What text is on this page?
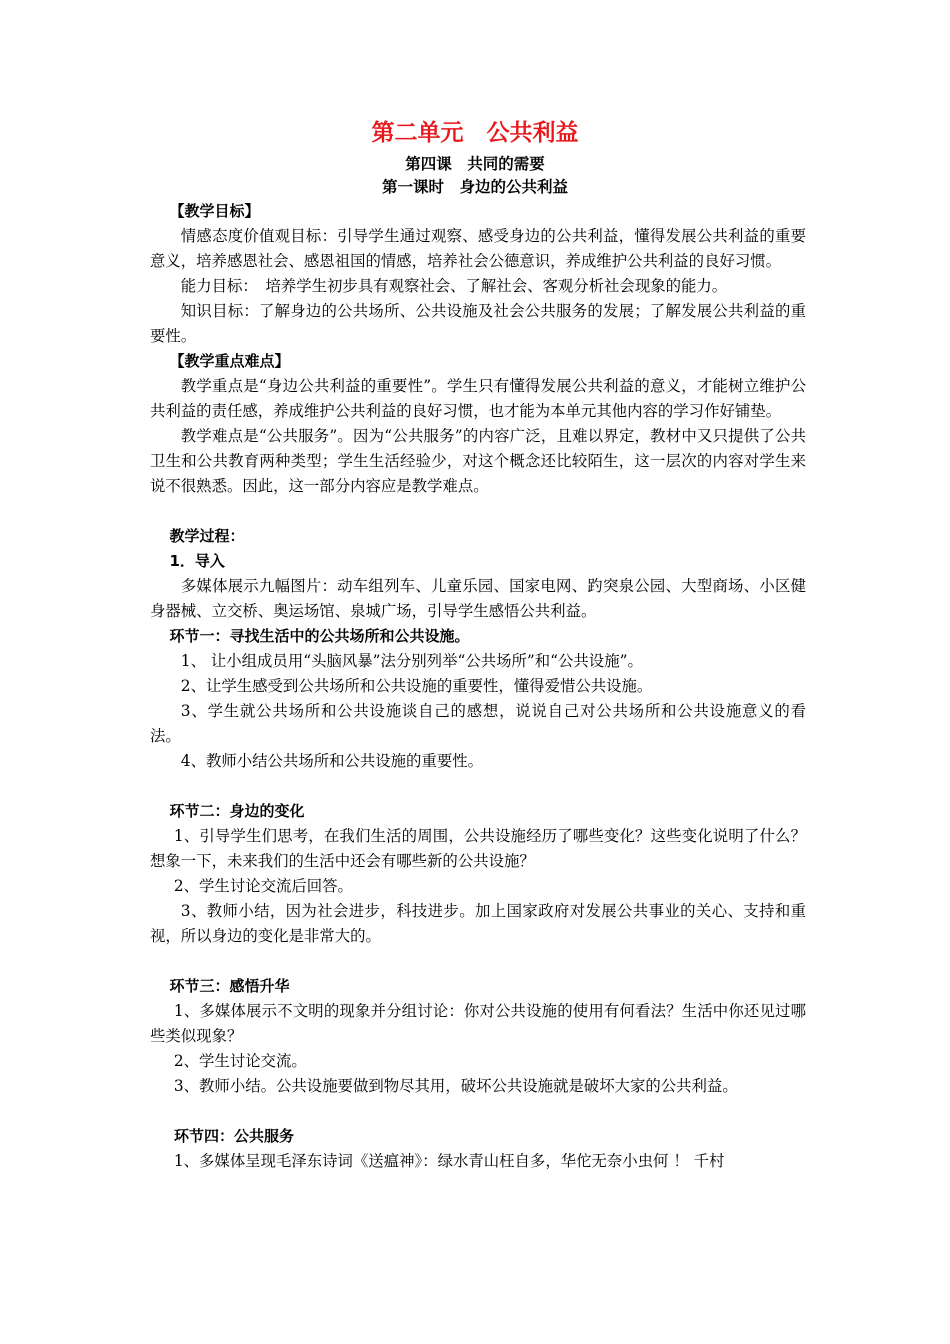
第二单元　公共利益
第四课　共同的需要
第一课时　身边的公共利益

【教学目标】

情感态度价值观目标：引导学生通过观察、感受身边的公共利益，懂得发展公共利益的重要意义，培养感恩社会、感恩祖国的情感，培养社会公德意识，养成维护公共利益的良好习惯。

能力目标：　培养学生初步具有观察社会、了解社会、客观分析社会现象的能力。

知识目标：了解身边的公共场所、公共设施及社会公共服务的发展；了解发展公共利益的重要性。

【教学重点难点】

教学重点是“身边公共利益的重要性”。学生只有懂得发展公共利益的意义，才能树立维护公共利益的责任感，养成维护公共利益的良好习惯，也才能为本单元其他内容的学习作好铺垫。

教学难点是“公共服务”。因为“公共服务”的内容广泛，且难以界定，教材中又只提供了公共卫生和公共教育两种类型；学生生活经验少，对这个概念还比较陌生，这一层次的内容对学生来说不很熟悉。因此，这一部分内容应是教学难点。

教学过程：

1．导入

多媒体展示九幅图片：动车组列车、儿童乐园、国家电网、趵突泉公园、大型商场、小区健身器械、立交桥、奥运场馆、泉城广场，引导学生感悟公共利益。

环节一：寻找生活中的公共场所和公共设施。

1、 让小组成员用“头脑风暴”法分别列举“公共场所”和“公共设施”。

2、让学生感受到公共场所和公共设施的重要性，懂得爱惜公共设施。

3、学生就公共场所和公共设施谈自己的感想，说说自己对公共场所和公共设施意义的看法。

4、教师小结公共场所和公共设施的重要性。

环节二：身边的变化

1、引导学生们思考，在我们生活的周围，公共设施经历了哪些变化？这些变化说明了什么？想象一下，未来我们的生活中还会有哪些新的公共设施？

2、学生讨论交流后回答。

3、教师小结，因为社会进步，科技进步。加上国家政府对发展公共事业的关心、支持和重视，所以身边的变化是非常大的。

环节三：感悟升华

1、多媒体展示不文明的现象并分组讨论：你对公共设施的使用有何看法？生活中你还见过哪些类似现象？

2、学生讨论交流。

3、教师小结。公共设施要做到物尽其用，破坏公共设施就是破坏大家的公共利益。

环节四：公共服务

1、多媒体呈现毛泽东诗词《送瘟神》：绿水青山枉自多，华佗无奈小虫何 ！ 千村
